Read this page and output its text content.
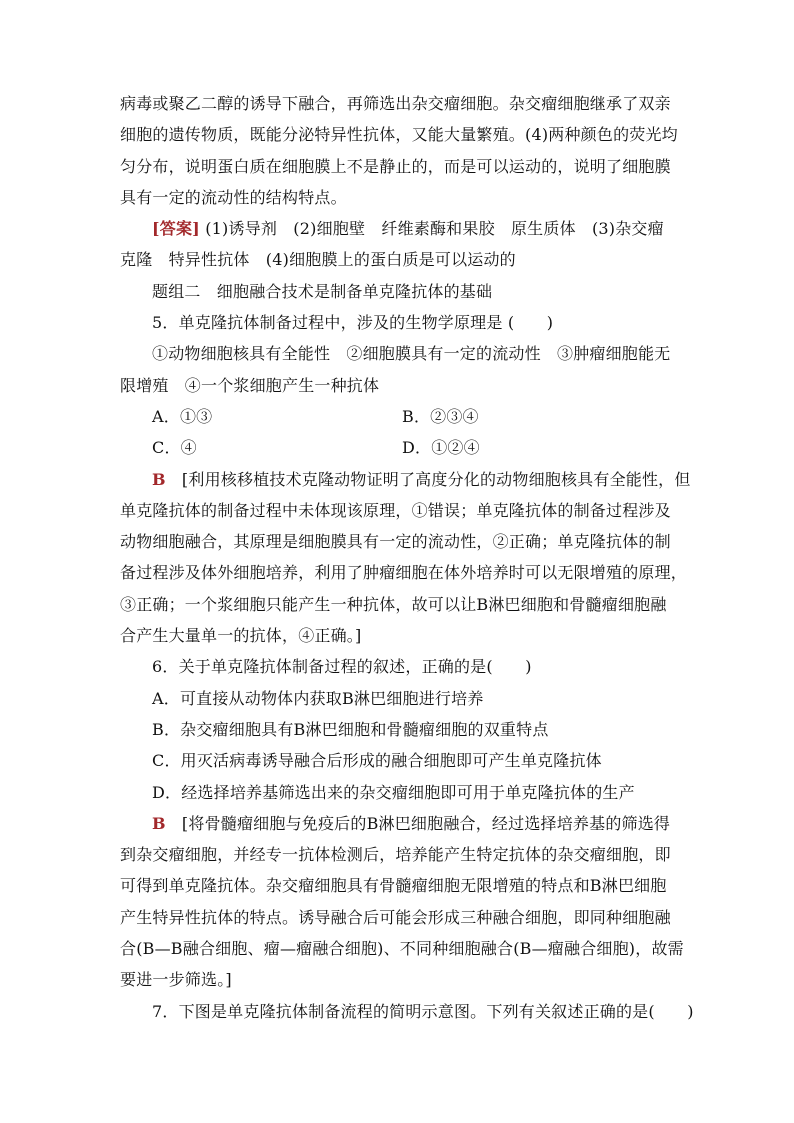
病毒或聚乙二醇的诱导下融合，再筛选出杂交瘤细胞。杂交瘤细胞继承了双亲
细胞的遗传物质，既能分泌特异性抗体，又能大量繁殖。(4)两种颜色的荧光均
匀分布，说明蛋白质在细胞膜上不是静止的，而是可以运动的，说明了细胞膜
具有一定的流动性的结构特点。
[答案] (1)诱导剂　(2)细胞壁　纤维素酶和果胶　原生质体　(3)杂交瘤
克隆　特异性抗体　(4)细胞膜上的蛋白质是可以运动的
题组二　细胞融合技术是制备单克隆抗体的基础
5．单克隆抗体制备过程中，涉及的生物学原理是 (　　)
①动物细胞核具有全能性　②细胞膜具有一定的流动性　③肿瘤细胞能无
限增殖　④一个浆细胞产生一种抗体
A．①③	B．②③④
C．④	D．①②④
B　[利用核移植技术克隆动物证明了高度分化的动物细胞核具有全能性，但
单克隆抗体的制备过程中未体现该原理，①错误；单克隆抗体的制备过程涉及
动物细胞融合，其原理是细胞膜具有一定的流动性，②正确；单克隆抗体的制
备过程涉及体外细胞培养，利用了肿瘤细胞在体外培养时可以无限增殖的原理，
③正确；一个浆细胞只能产生一种抗体，故可以让B淋巴细胞和骨髓瘤细胞融
合产生大量单一的抗体，④正确。]
6．关于单克隆抗体制备过程的叙述，正确的是(　　)
A．可直接从动物体内获取B淋巴细胞进行培养
B．杂交瘤细胞具有B淋巴细胞和骨髓瘤细胞的双重特点
C．用灭活病毒诱导融合后形成的融合细胞即可产生单克隆抗体
D．经选择培养基筛选出来的杂交瘤细胞即可用于单克隆抗体的生产
B　[将骨髓瘤细胞与免疫后的B淋巴细胞融合，经过选择培养基的筛选得
到杂交瘤细胞，并经专一抗体检测后，培养能产生特定抗体的杂交瘤细胞，即
可得到单克隆抗体。杂交瘤细胞具有骨髓瘤细胞无限增殖的特点和B淋巴细胞
产生特异性抗体的特点。诱导融合后可能会形成三种融合细胞，即同种细胞融
合(B—B融合细胞、瘤—瘤融合细胞)、不同种细胞融合(B—瘤融合细胞)，故需
要进一步筛选。]
7．下图是单克隆抗体制备流程的简明示意图。下列有关叙述正确的是(　　)
